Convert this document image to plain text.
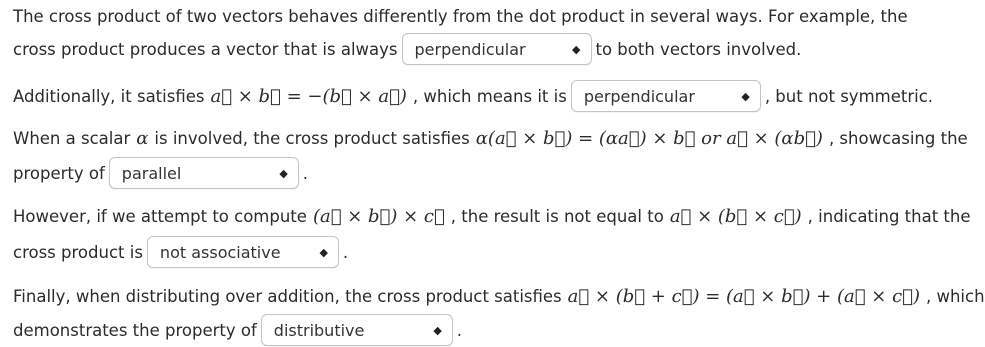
The cross product of two vectors behaves differently from the dot product in several ways. For example, the
cross product produces a vector that is always perpendicular	◆ to both vectors involved.
Additionally, it satisfies a⃗ × b⃗ = −(b⃗ × a⃗) , which means it is perpendicular	◆ , but not symmetric.
When a scalar α is involved, the cross product satisfies α(a⃗ × b⃗) = (αa⃗) × b⃗ or a⃗ × (αb⃗) , showcasing the
property of parallel	◆ .
However, if we attempt to compute (a⃗ × b⃗) × c⃗ , the result is not equal to a⃗ × (b⃗ × c⃗) , indicating that the
cross product is not associative	◆ .
Finally, when distributing over addition, the cross product satisfies a⃗ × (b⃗ + c⃗) = (a⃗ × b⃗) + (a⃗ × c⃗) , which
demonstrates the property of distributive	◆ .
